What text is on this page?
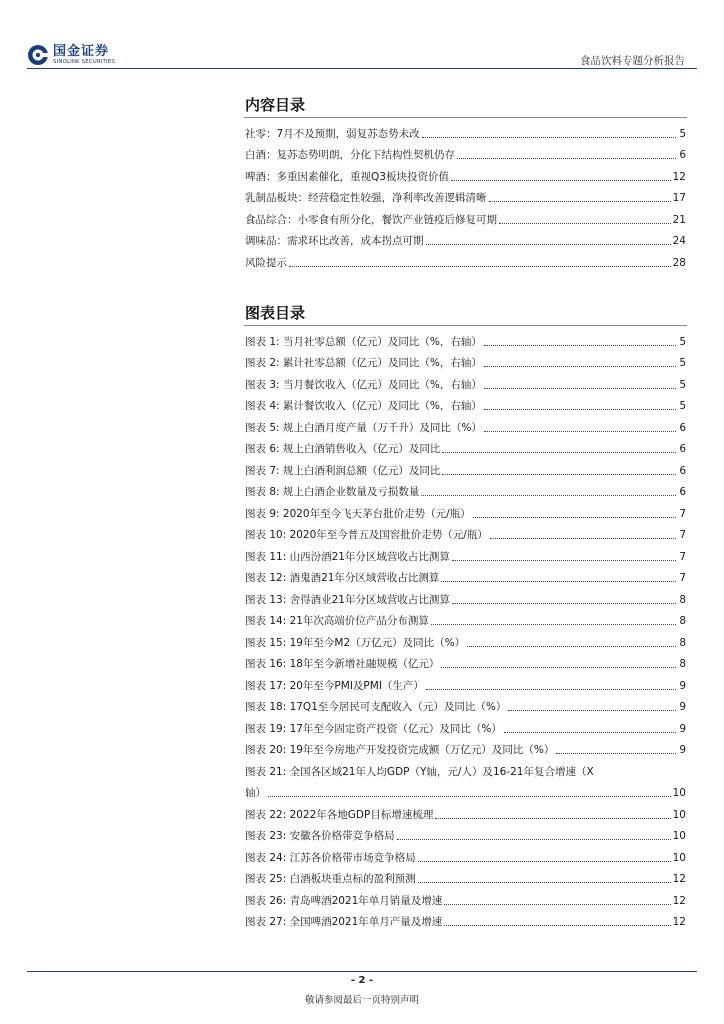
国金证券
SINOLINK SECURITIES	食品饮料专题分析报告
内容目录
社零：7月不及预期，弱复苏态势未改	5
白酒：复苏态势明朗，分化下结构性契机仍存	6
啤酒：多重因素催化，重视Q3板块投资价值	12
乳制品板块：经营稳定性较强，净利率改善逻辑清晰	17
食品综合：小零食有所分化，餐饮产业链疫后修复可期	21
调味品：需求环比改善，成本拐点可期	24
风险提示	28
图表目录
图表 1: 当月社零总额（亿元）及同比（%，右轴）	5
图表 2: 累计社零总额（亿元）及同比（%，右轴）	5
图表 3: 当月餐饮收入（亿元）及同比（%，右轴）	5
图表 4: 累计餐饮收入（亿元）及同比（%，右轴）	5
图表 5: 规上白酒月度产量（万千升）及同比（%）	6
图表 6: 规上白酒销售收入（亿元）及同比	6
图表 7: 规上白酒利润总额（亿元）及同比	6
图表 8: 规上白酒企业数量及亏损数量	6
图表 9: 2020年至今飞天茅台批价走势（元/瓶）	7
图表 10: 2020年至今普五及国窖批价走势（元/瓶）	7
图表 11: 山西汾酒21年分区域营收占比测算	7
图表 12: 酒鬼酒21年分区域营收占比测算	7
图表 13: 舍得酒业21年分区域营收占比测算	8
图表 14: 21年次高端价位产品分布测算	8
图表 15: 19年至今M2（万亿元）及同比（%）	8
图表 16: 18年至今新增社融规模（亿元）	8
图表 17: 20年至今PMI及PMI（生产）	9
图表 18: 17Q1至今居民可支配收入（元）及同比（%）	9
图表 19: 17年至今固定资产投资（亿元）及同比（%）	9
图表 20: 19年至今房地产开发投资完成额（万亿元）及同比（%）	9
图表 21: 全国各区域21年人均GDP（Y轴，元/人）及16-21年复合增速（X
轴）	10
图表 22: 2022年各地GDP目标增速梳理	10
图表 23: 安徽各价格带竞争格局	10
图表 24: 江苏各价格带市场竞争格局	10
图表 25: 白酒板块重点标的盈利预测	12
图表 26: 青岛啤酒2021年单月销量及增速	12
图表 27: 全国啤酒2021年单月产量及增速	12
- 2 -
敬请参阅最后一页特别声明
